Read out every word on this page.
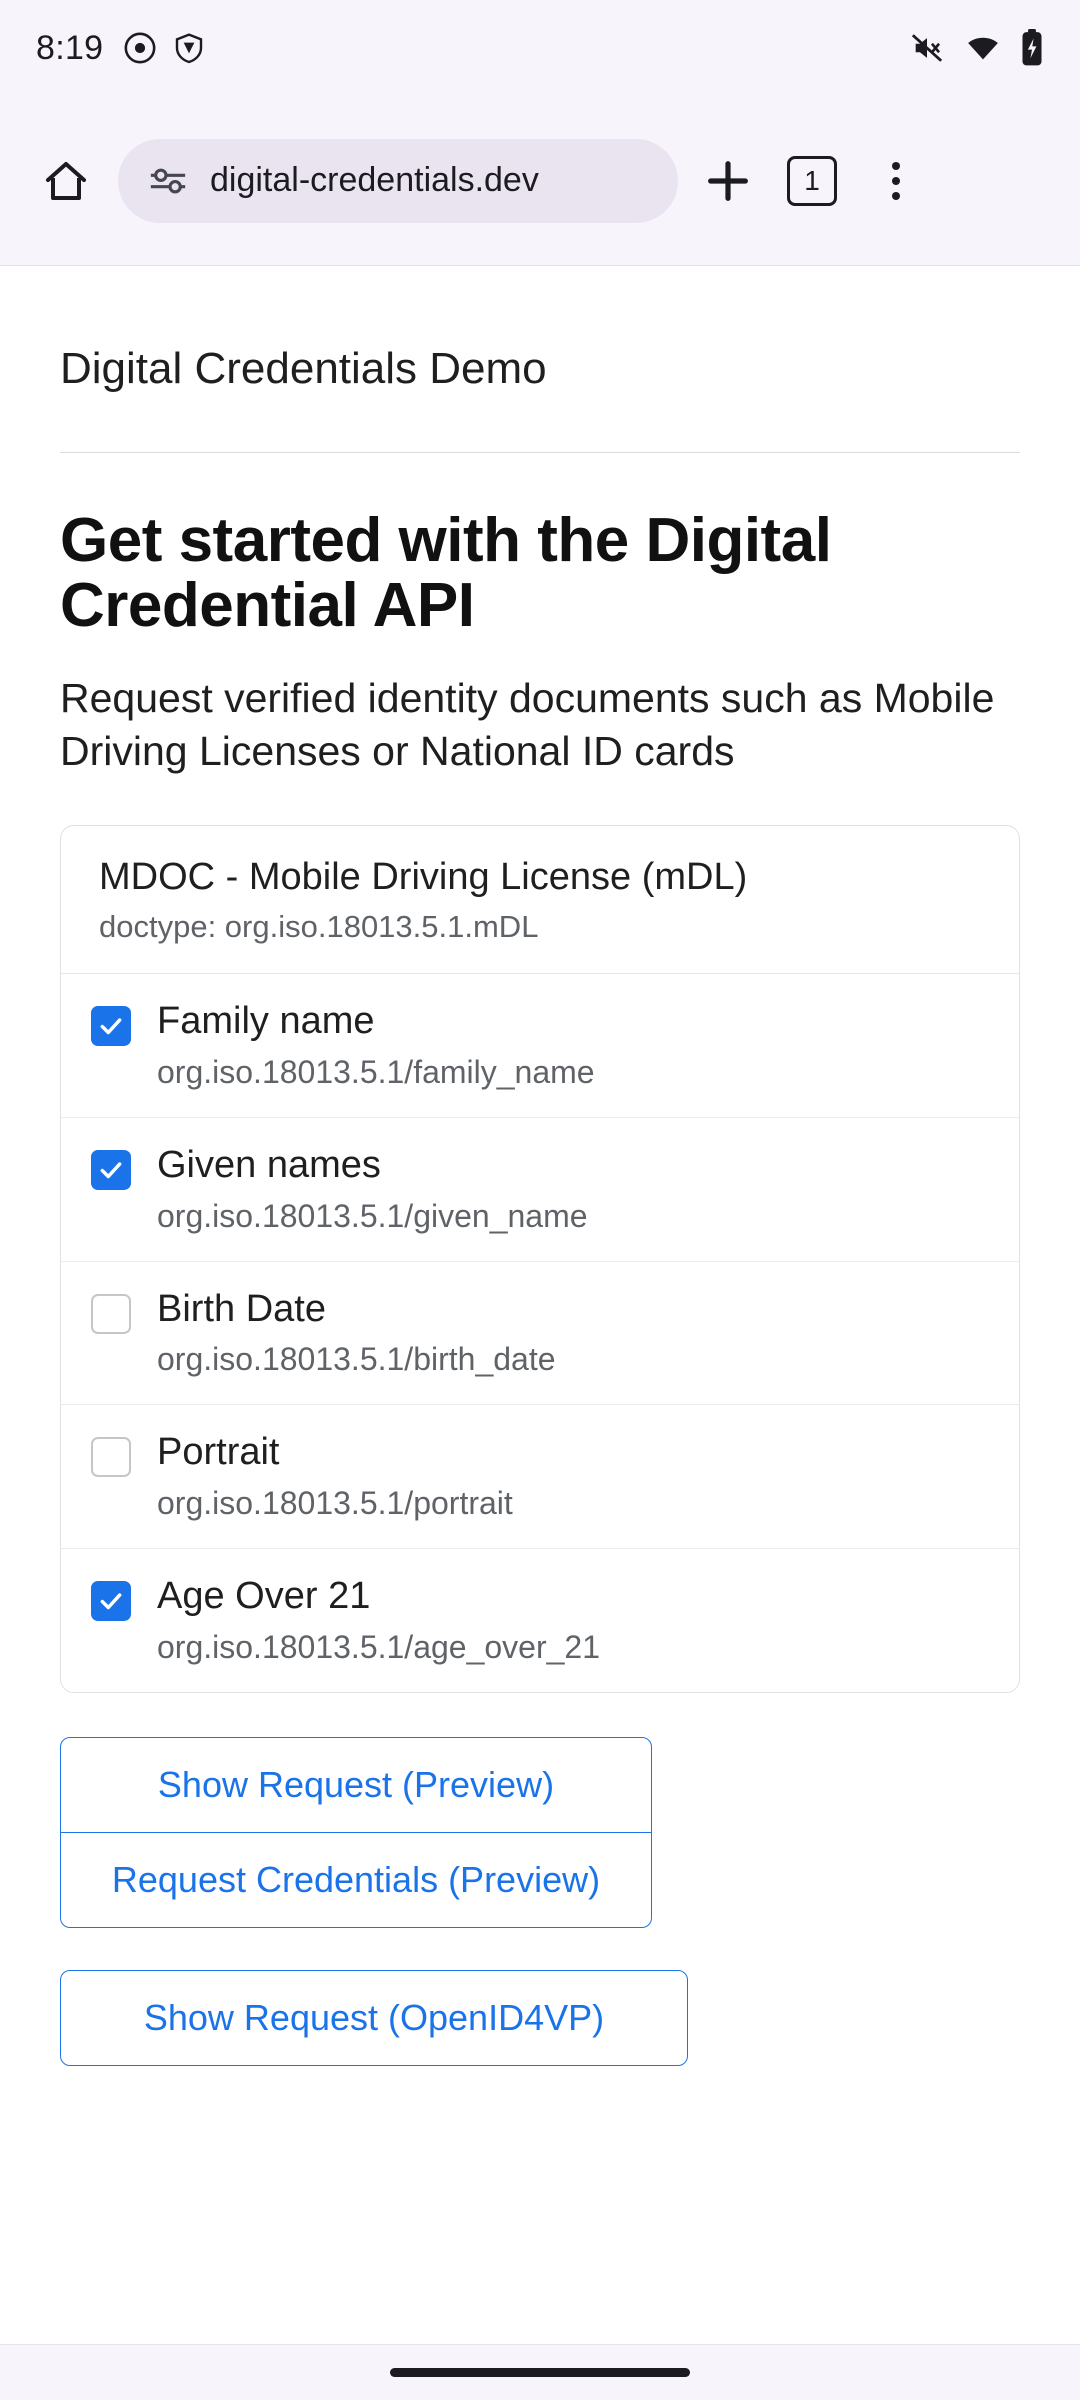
8:19
digital-credentials.dev	1
Digital Credentials Demo
Get started with the Digital Credential API

Request verified identity documents such as Mobile Driving Licenses or National ID cards

MDOC - Mobile Driving License (mDL)
doctype: org.iso.18013.5.1.mDL
Family name
org.iso.18013.5.1/family_name
Given names
org.iso.18013.5.1/given_name
Birth Date
org.iso.18013.5.1/birth_date
Portrait
org.iso.18013.5.1/portrait
Age Over 21
org.iso.18013.5.1/age_over_21
Show Request (Preview)
Request Credentials (Preview)
Show Request (OpenID4VP)
